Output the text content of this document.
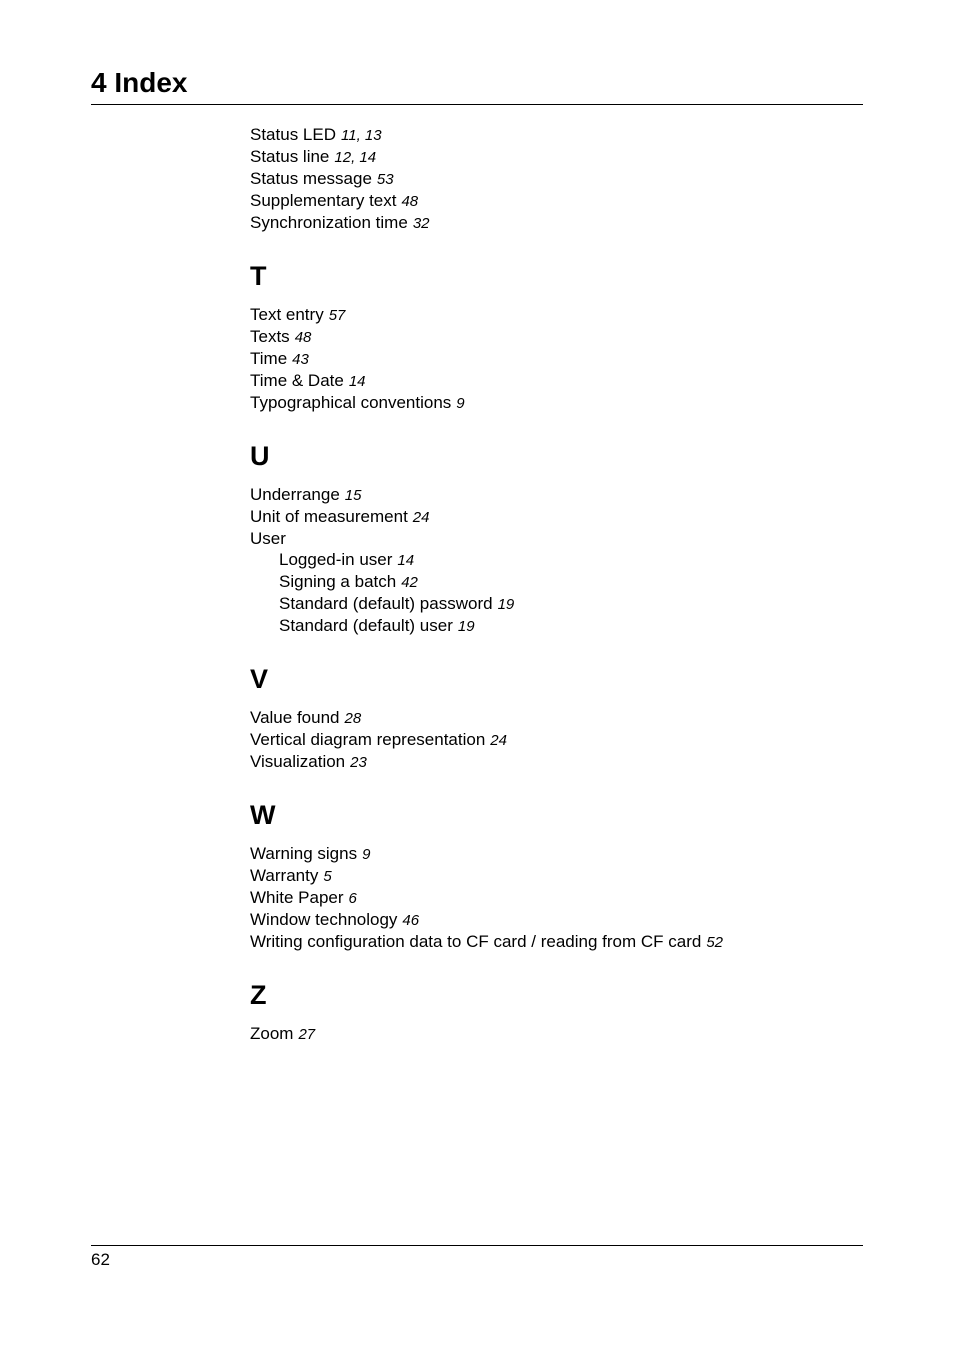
4 Index
Status LED 11, 13
Status line 12, 14
Status message 53
Supplementary text 48
Synchronization time 32
T
Text entry 57
Texts 48
Time 43
Time & Date 14
Typographical conventions 9
U
Underrange 15
Unit of measurement 24
User
Logged-in user 14
Signing a batch 42
Standard (default) password 19
Standard (default) user 19
V
Value found 28
Vertical diagram representation 24
Visualization 23
W
Warning signs 9
Warranty 5
White Paper 6
Window technology 46
Writing configuration data to CF card / reading from CF card 52
Z
Zoom 27
62
